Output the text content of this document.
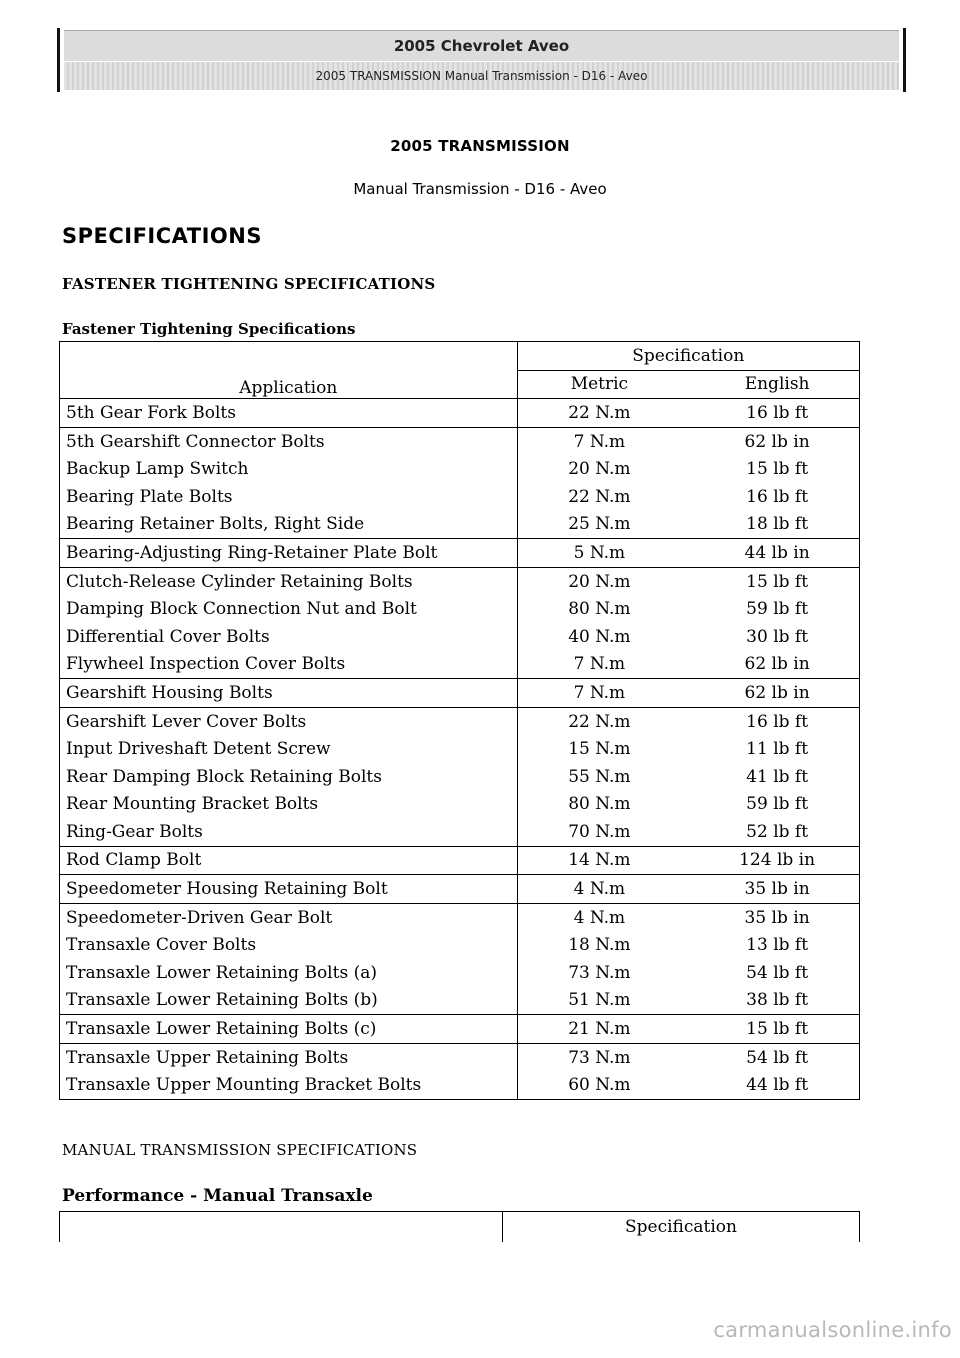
2005 Chevrolet Aveo
2005 TRANSMISSION Manual Transmission - D16 - Aveo
2005 TRANSMISSION
Manual Transmission - D16 - Aveo
SPECIFICATIONS
FASTENER TIGHTENING SPECIFICATIONS
Fastener Tightening Specifications
Application	Specification	
	Metric	English
5th Gear Fork Bolts	22 N.m	16 lb ft
5th Gearshift Connector Bolts	7 N.m	62 lb in
Backup Lamp Switch	20 N.m	15 lb ft
Bearing Plate Bolts	22 N.m	16 lb ft
Bearing Retainer Bolts, Right Side	25 N.m	18 lb ft
Bearing-Adjusting Ring-Retainer Plate Bolt	5 N.m	44 lb in
Clutch-Release Cylinder Retaining Bolts	20 N.m	15 lb ft
Damping Block Connection Nut and Bolt	80 N.m	59 lb ft
Differential Cover Bolts	40 N.m	30 lb ft
Flywheel Inspection Cover Bolts	7 N.m	62 lb in
Gearshift Housing Bolts	7 N.m	62 lb in
Gearshift Lever Cover Bolts	22 N.m	16 lb ft
Input Driveshaft Detent Screw	15 N.m	11 lb ft
Rear Damping Block Retaining Bolts	55 N.m	41 lb ft
Rear Mounting Bracket Bolts	80 N.m	59 lb ft
Ring-Gear Bolts	70 N.m	52 lb ft
Rod Clamp Bolt	14 N.m	124 lb in
Speedometer Housing Retaining Bolt	4 N.m	35 lb in
Speedometer-Driven Gear Bolt	4 N.m	35 lb in
Transaxle Cover Bolts	18 N.m	13 lb ft
Transaxle Lower Retaining Bolts (a)	73 N.m	54 lb ft
Transaxle Lower Retaining Bolts (b)	51 N.m	38 lb ft
Transaxle Lower Retaining Bolts (c)	21 N.m	15 lb ft
Transaxle Upper Retaining Bolts	73 N.m	54 lb ft
Transaxle Upper Mounting Bracket Bolts	60 N.m	44 lb ft
MANUAL TRANSMISSION SPECIFICATIONS
Performance - Manual Transaxle
	Specification
carmanualsonline.info
